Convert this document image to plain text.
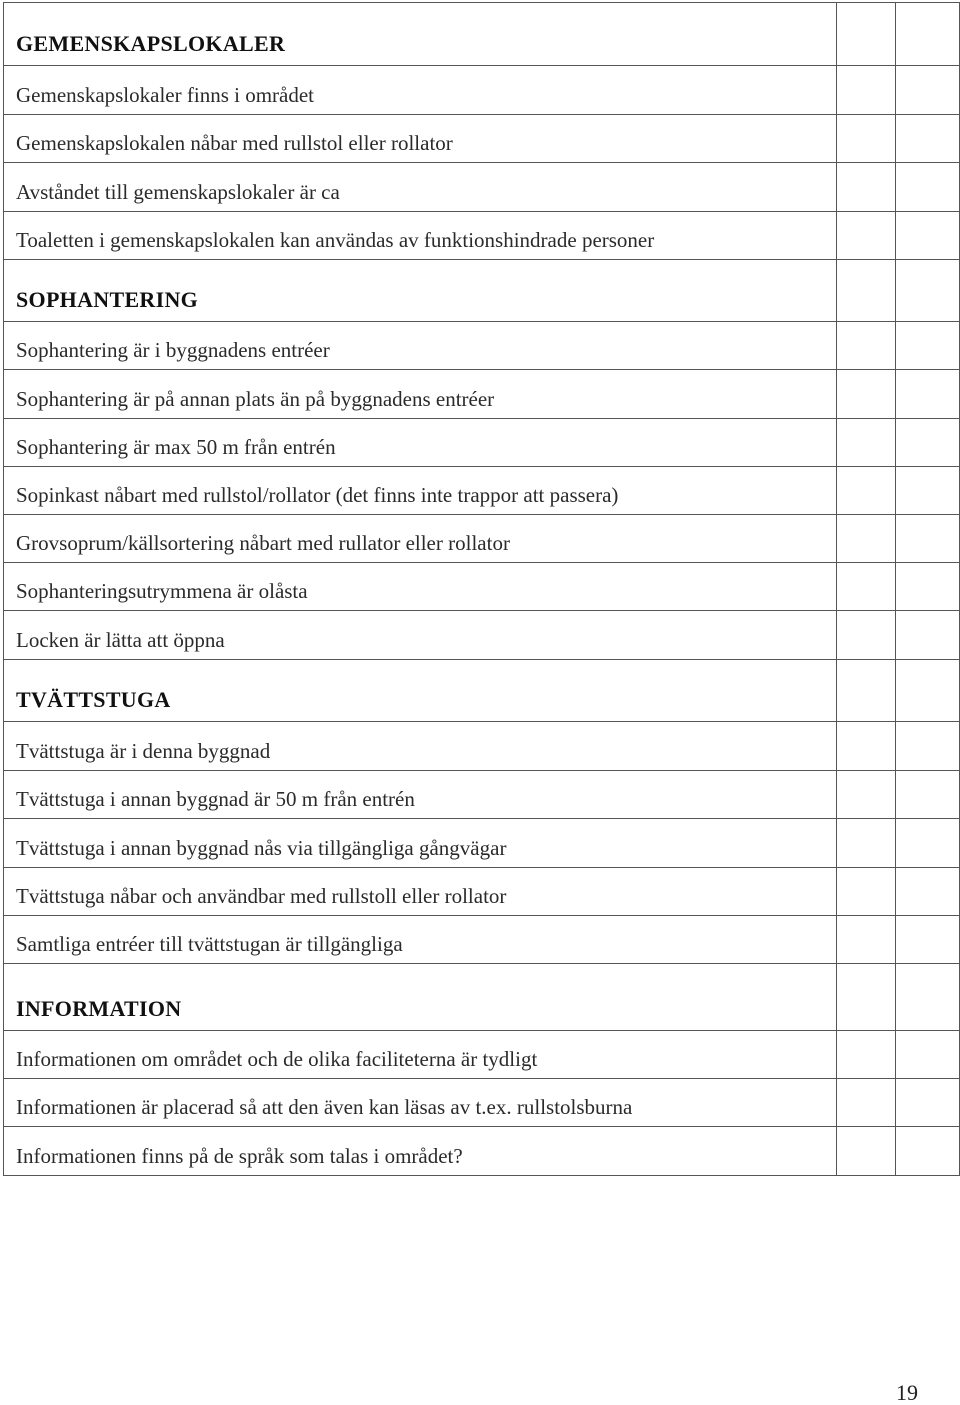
GEMENSKAPSLOKALER		
Gemenskapslokaler finns i området		
Gemenskapslokalen nåbar med rullstol eller rollator		
Avståndet till gemenskapslokaler är ca		
Toaletten i gemenskapslokalen kan användas av funktionshindrade personer		
SOPHANTERING		
Sophantering är i byggnadens entréer		
Sophantering är på annan plats än på byggnadens entréer		
Sophantering är max 50 m från entrén		
Sopinkast nåbart med rullstol/rollator (det finns inte trappor att passera)		
Grovsoprum/källsortering nåbart med rullator eller rollator		
Sophanteringsutrymmena är olåsta		
Locken är lätta att öppna		
TVÄTTSTUGA		
Tvättstuga är i denna byggnad		
Tvättstuga i annan byggnad är 50 m från entrén		
Tvättstuga i annan byggnad nås via tillgängliga gångvägar		
Tvättstuga nåbar och användbar med rullstoll eller rollator		
Samtliga entréer till tvättstugan är tillgängliga		
INFORMATION		
Informationen om området och de olika faciliteterna är tydligt		
Informationen är placerad så att den även kan läsas av t.ex. rullstolsburna		
Informationen finns på de språk som talas i området?		
19
